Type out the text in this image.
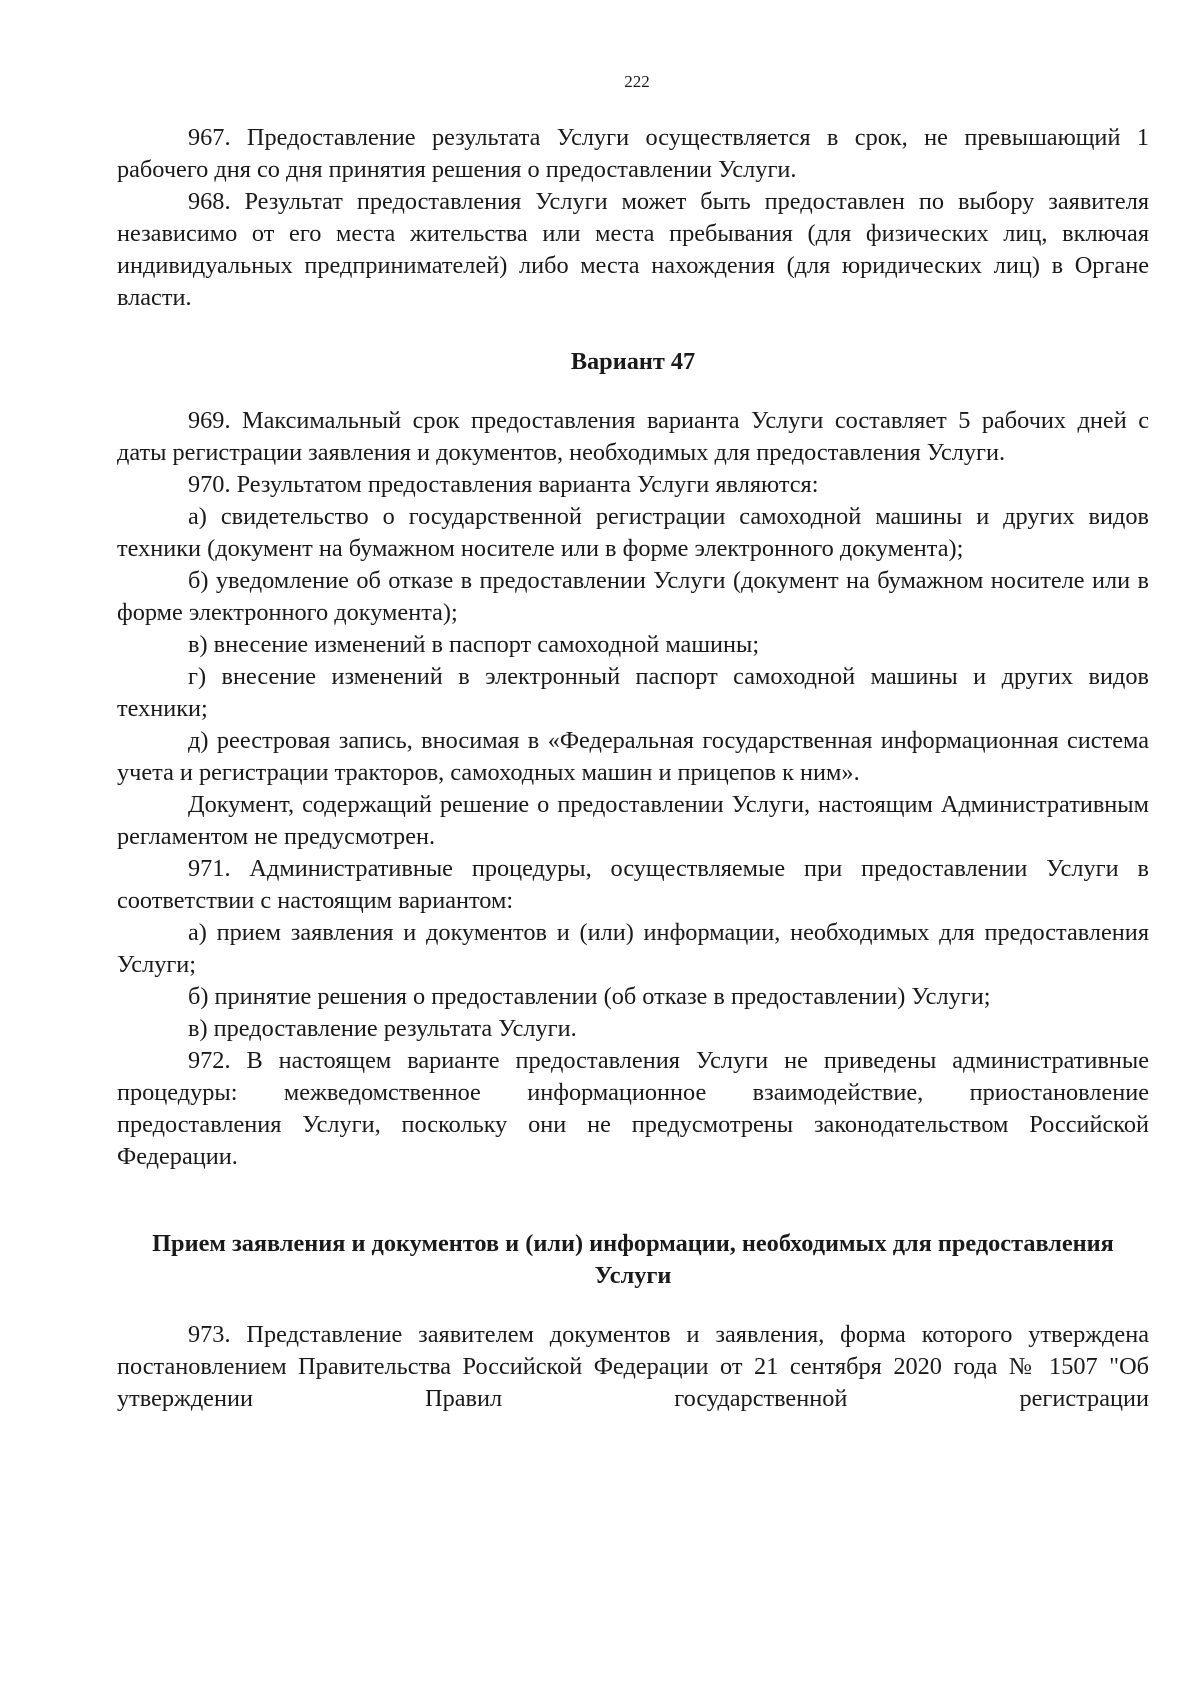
222

967. Предоставление результата Услуги осуществляется в срок, не превышающий 1 рабочего дня со дня принятия решения о предоставлении Услуги.

968. Результат предоставления Услуги может быть предоставлен по выбору заявителя независимо от его места жительства или места пребывания (для физических лиц, включая индивидуальных предпринимателей) либо места нахождения (для юридических лиц) в Органе власти.

Вариант 47

969. Максимальный срок предоставления варианта Услуги составляет 5 рабочих дней с даты регистрации заявления и документов, необходимых для предоставления Услуги.

970. Результатом предоставления варианта Услуги являются:

а) свидетельство о государственной регистрации самоходной машины и других видов техники (документ на бумажном носителе или в форме электронного документа);

б) уведомление об отказе в предоставлении Услуги (документ на бумажном носителе или в форме электронного документа);

в) внесение изменений в паспорт самоходной машины;

г) внесение изменений в электронный паспорт самоходной машины и других видов техники;

д) реестровая запись, вносимая в «Федеральная государственная информационная система учета и регистрации тракторов, самоходных машин и прицепов к ним».

Документ, содержащий решение о предоставлении Услуги, настоящим Административным регламентом не предусмотрен.

971. Административные процедуры, осуществляемые при предоставлении Услуги в соответствии с настоящим вариантом:

а) прием заявления и документов и (или) информации, необходимых для предоставления Услуги;

б) принятие решения о предоставлении (об отказе в предоставлении) Услуги;

в) предоставление результата Услуги.

972. В настоящем варианте предоставления Услуги не приведены административные процедуры: межведомственное информационное взаимодействие, приостановление предоставления Услуги, поскольку они не предусмотрены законодательством Российской Федерации.

Прием заявления и документов и (или) информации, необходимых для предоставления Услуги

973. Представление заявителем документов и заявления, форма которого утверждена постановлением Правительства Российской Федерации от 21 сентября 2020 года № 1507 "Об утверждении Правил государственной регистрации
